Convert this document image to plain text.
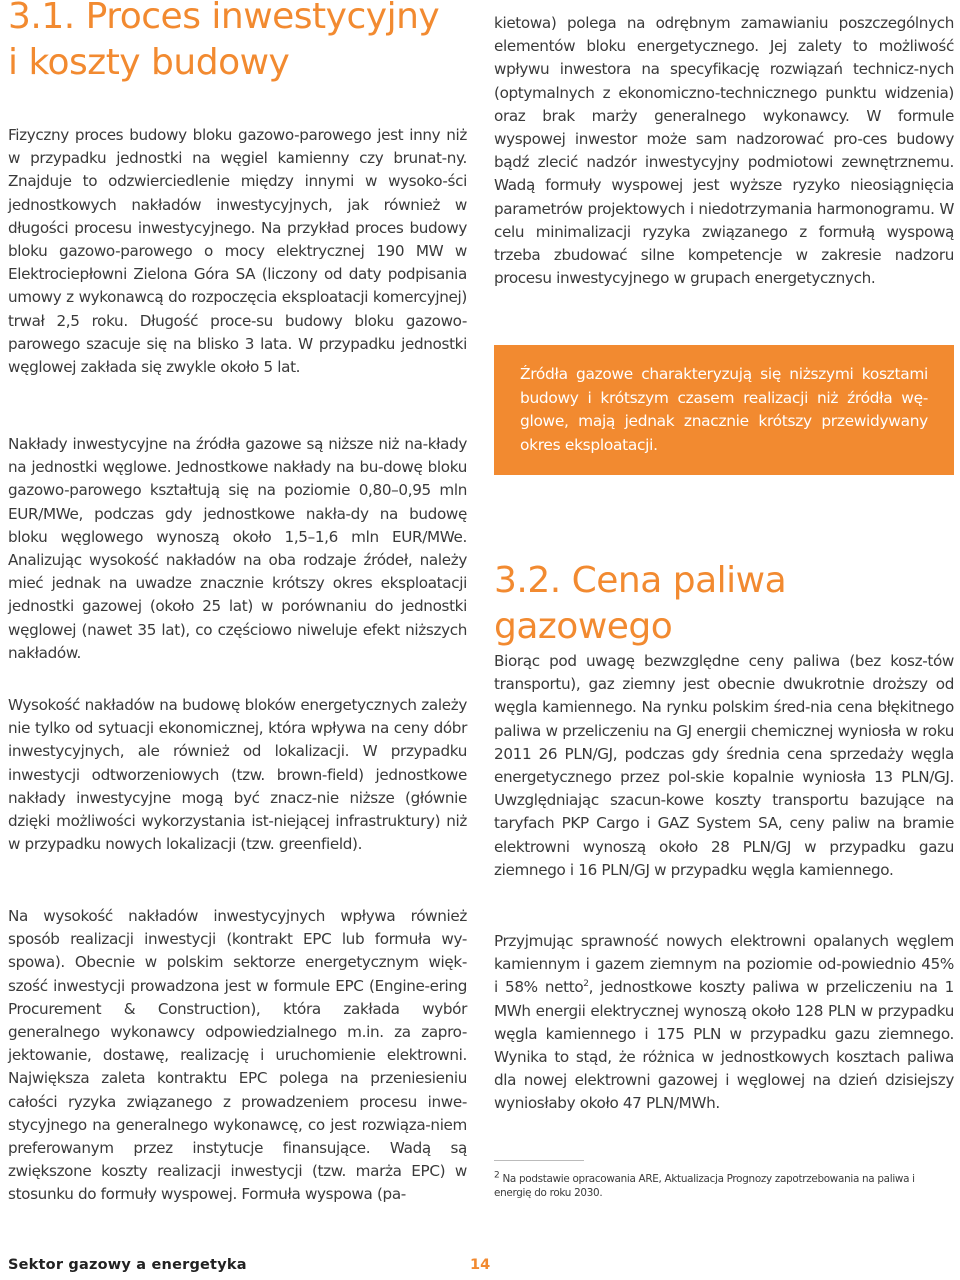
3.1. Proces inwestycyjny
i koszty budowy

Fizyczny proces budowy bloku gazowo-parowego jest inny niż w przypadku jednostki na węgiel kamienny czy brunat-ny. Znajduje to odzwierciedlenie między innymi w wysoko-ści jednostkowych nakładów inwestycyjnych, jak również w długości procesu inwestycyjnego. Na przykład proces budowy bloku gazowo-parowego o mocy elektrycznej 190 MW w Elektrociepłowni Zielona Góra SA (liczony od daty podpisania umowy z wykonawcą do rozpoczęcia eksploatacji komercyjnej) trwał 2,5 roku. Długość proce-su budowy bloku gazowo-parowego szacuje się na blisko 3 lata. W przypadku jednostki węglowej zakłada się zwykle około 5 lat.

Nakłady inwestycyjne na źródła gazowe są niższe niż na-kłady na jednostki węglowe. Jednostkowe nakłady na bu-dowę bloku gazowo-parowego kształtują się na poziomie 0,80–0,95 mln EUR/MWe, podczas gdy jednostkowe nakła-dy na budowę bloku węglowego wynoszą około 1,5–1,6 mln EUR/MWe. Analizując wysokość nakładów na oba rodzaje źródeł, należy mieć jednak na uwadze znacznie krótszy okres eksploatacji jednostki gazowej (około 25 lat) w porównaniu do jednostki węglowej (nawet 35 lat), co częściowo niweluje efekt niższych nakładów.

Wysokość nakładów na budowę bloków energetycznych zależy nie tylko od sytuacji ekonomicznej, która wpływa na ceny dóbr inwestycyjnych, ale również od lokalizacji. W przypadku inwestycji odtworzeniowych (tzw. brown-field) jednostkowe nakłady inwestycyjne mogą być znacz-nie niższe (głównie dzięki możliwości wykorzystania ist-niejącej infrastruktury) niż w przypadku nowych lokalizacji (tzw. greenfield).

Na wysokość nakładów inwestycyjnych wpływa również sposób realizacji inwestycji (kontrakt EPC lub formuła wy-spowa). Obecnie w polskim sektorze energetycznym więk-szość inwestycji prowadzona jest w formule EPC (Engine-ering Procurement & Construction), która zakłada wybór generalnego wykonawcy odpowiedzialnego m.in. za zapro-jektowanie, dostawę, realizację i uruchomienie elektrowni. Największa zaleta kontraktu EPC polega na przeniesieniu całości ryzyka związanego z prowadzeniem procesu inwe-stycyjnego na generalnego wykonawcę, co jest rozwiąza-niem preferowanym przez instytucje finansujące. Wadą są zwiększone koszty realizacji inwestycji (tzw. marża EPC) w stosunku do formuły wyspowej. Formuła wyspowa (pa-

kietowa) polega na odrębnym zamawianiu poszczególnych elementów bloku energetycznego. Jej zalety to możliwość wpływu inwestora na specyfikację rozwiązań technicz-nych (optymalnych z ekonomiczno-technicznego punktu widzenia) oraz brak marży generalnego wykonawcy. W formule wyspowej inwestor może sam nadzorować pro-ces budowy bądź zlecić nadzór inwestycyjny podmiotowi zewnętrznemu. Wadą formuły wyspowej jest wyższe ryzyko nieosiągnięcia parametrów projektowych i niedotrzymania harmonogramu. W celu minimalizacji ryzyka związanego z formułą wyspową trzeba zbudować silne kompetencje w zakresie nadzoru procesu inwestycyjnego w grupach energetycznych.

Źródła gazowe charakteryzują się niższymi kosztami budowy i krótszym czasem realizacji niż źródła wę-glowe, mają jednak znacznie krótszy przewidywany okres eksploatacji.

3.2. Cena paliwa gazowego

Biorąc pod uwagę bezwzględne ceny paliwa (bez kosz-tów transportu), gaz ziemny jest obecnie dwukrotnie droższy od węgla kamiennego. Na rynku polskim śred-nia cena błękitnego paliwa w przeliczeniu na GJ energii chemicznej wyniosła w roku 2011 26 PLN/GJ, podczas gdy średnia cena sprzedaży węgla energetycznego przez pol-skie kopalnie wyniosła 13 PLN/GJ. Uwzględniając szacun-kowe koszty transportu bazujące na taryfach PKP Cargo i GAZ System SA, ceny paliw na bramie elektrowni wynoszą około 28 PLN/GJ w przypadku gazu ziemnego i 16 PLN/GJ w przypadku węgla kamiennego.

Przyjmując sprawność nowych elektrowni opalanych węglem kamiennym i gazem ziemnym na poziomie od-powiednio 45% i 58% netto$^2$, jednostkowe koszty paliwa w przeliczeniu na 1 MWh energii elektrycznej wynoszą około 128 PLN w przypadku węgla kamiennego i 175 PLN w przypadku gazu ziemnego. Wynika to stąd, że różnica w jednostkowych kosztach paliwa dla nowej elektrowni gazowej i węglowej na dzień dzisiejszy wyniosłaby około 47 PLN/MWh.

2 Na podstawie opracowania ARE, Aktualizacja Prognozy zapotrzebowania na paliwa i energię do roku 2030.
Sektor gazowy a energetyka	14
